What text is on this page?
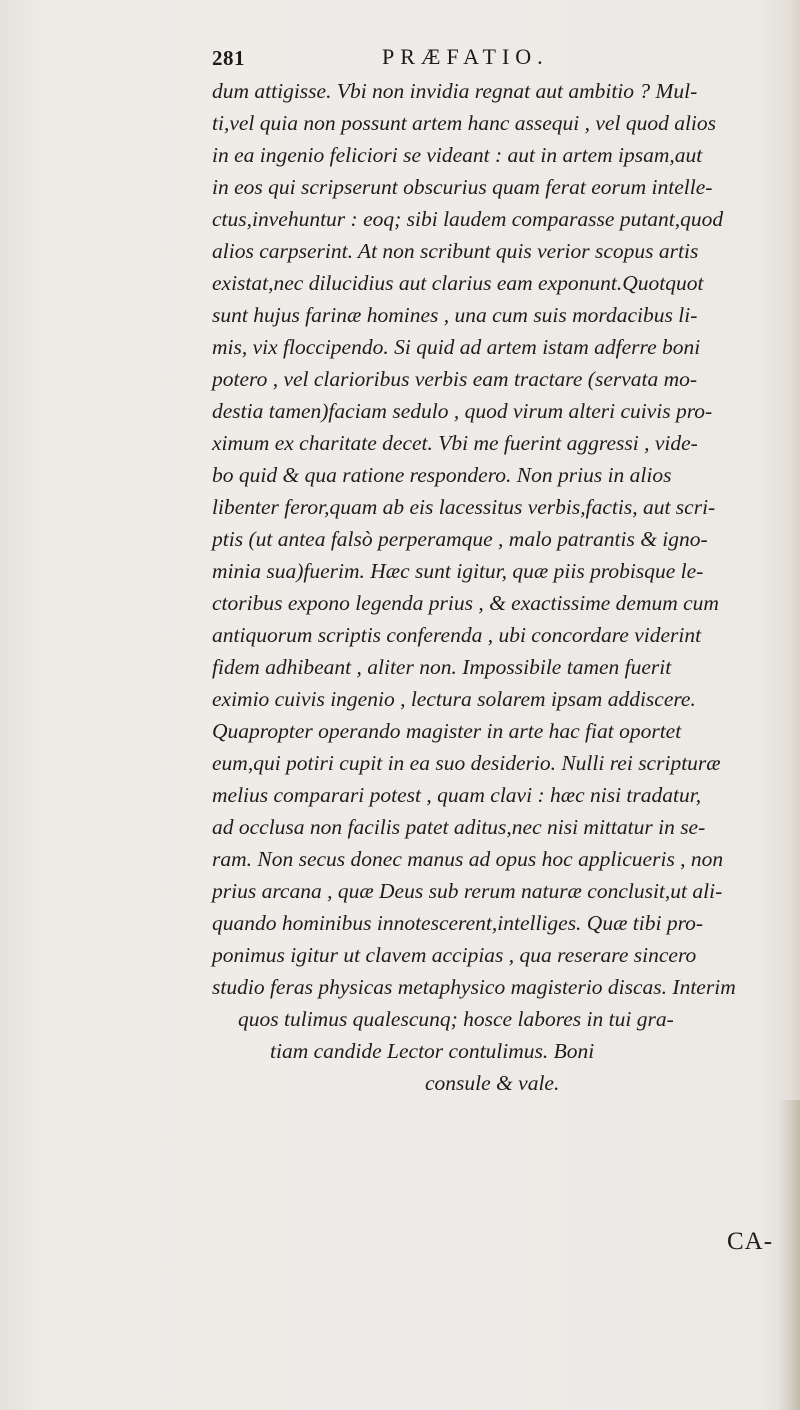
281	PRÆFATIO.
dum attigisse. Vbi non invidia regnat aut ambitio ? Mul-
ti,vel quia non possunt artem hanc assequi , vel quod alios
in ea ingenio feliciori se videant : aut in artem ipsam,aut
in eos qui scripserunt obscurius quam ferat eorum intelle-
ctus,invehuntur : eoq; sibi laudem comparasse putant,quod
alios carpserint. At non scribunt quis verior scopus artis
existat,nec dilucidius aut clarius eam exponunt.Quotquot
sunt hujus farinæ homines , una cum suis mordacibus li-
mis, vix floccipendo. Si quid ad artem istam adferre boni
potero , vel clarioribus verbis eam tractare (servata mo-
destia tamen)faciam sedulo , quod virum alteri cuivis pro-
ximum ex charitate decet. Vbi me fuerint aggressi , vide-
bo quid & qua ratione respondero. Non prius in alios
libenter feror,quam ab eis lacessitus verbis,factis, aut scri-
ptis (ut antea falsò perperamque , malo patrantis & igno-
minia sua)fuerim. Hæc sunt igitur, quæ piis probisque le-
ctoribus expono legenda prius , & exactissime demum cum
antiquorum scriptis conferenda , ubi concordare viderint
fidem adhibeant , aliter non. Impossibile tamen fuerit
eximio cuivis ingenio , lectura solarem ipsam addiscere.
Quapropter operando magister in arte hac fiat oportet
eum,qui potiri cupit in ea suo desiderio. Nulli rei scripturæ
melius comparari potest , quam clavi : hæc nisi tradatur,
ad occlusa non facilis patet aditus,nec nisi mittatur in se-
ram. Non secus donec manus ad opus hoc applicueris , non
prius arcana , quæ Deus sub rerum naturæ conclusit,ut ali-
quando hominibus innotescerent,intelliges. Quæ tibi pro-
ponimus igitur ut clavem accipias , qua reserare sincero
studio feras physicas metaphysico magisterio discas. Interim
quos tulimus qualescunq; hosce labores in tui gra-
tiam candide Lector contulimus. Boni
consule & vale.
CA-
